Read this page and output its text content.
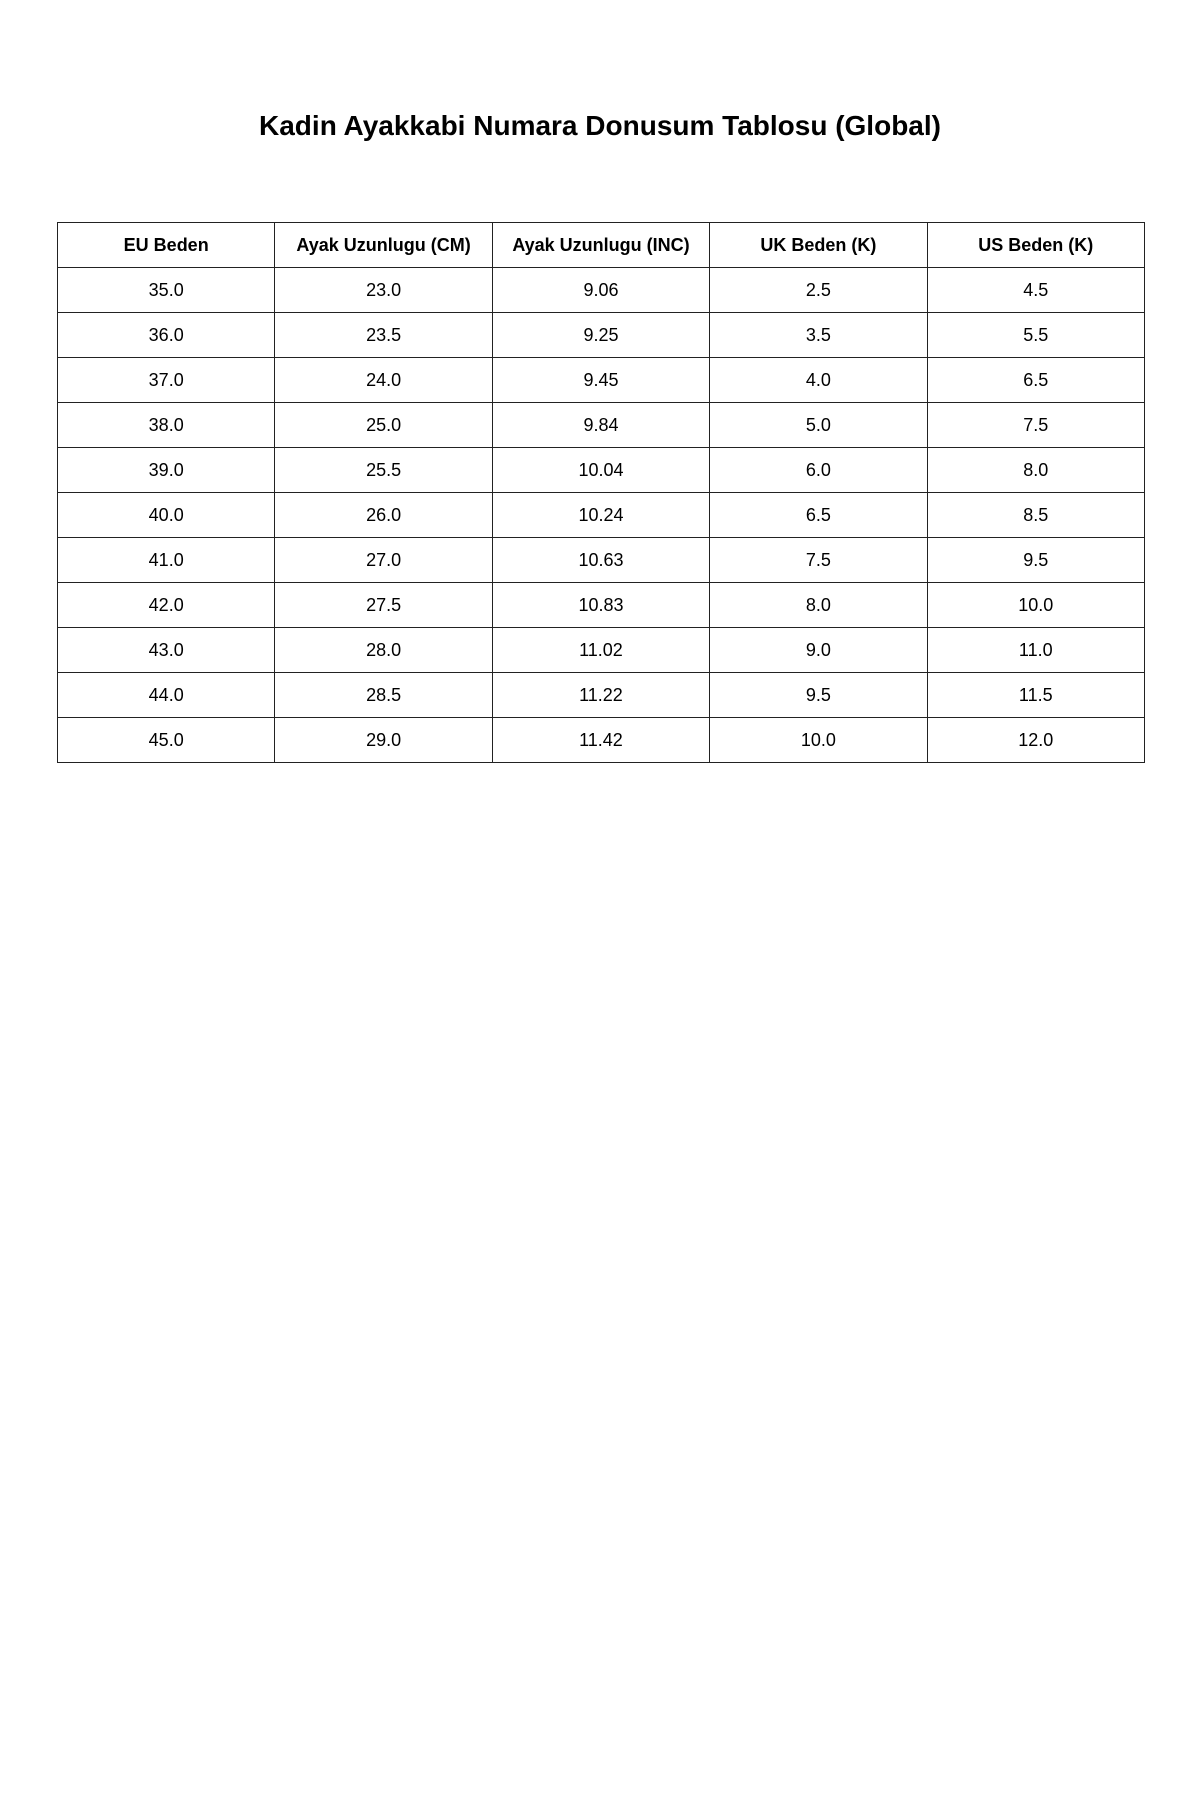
Kadin Ayakkabi Numara Donusum Tablosu (Global)
EU Beden	Ayak Uzunlugu (CM)	Ayak Uzunlugu (INC)	UK Beden (K)	US Beden (K)
35.0	23.0	9.06	2.5	4.5
36.0	23.5	9.25	3.5	5.5
37.0	24.0	9.45	4.0	6.5
38.0	25.0	9.84	5.0	7.5
39.0	25.5	10.04	6.0	8.0
40.0	26.0	10.24	6.5	8.5
41.0	27.0	10.63	7.5	9.5
42.0	27.5	10.83	8.0	10.0
43.0	28.0	11.02	9.0	11.0
44.0	28.5	11.22	9.5	11.5
45.0	29.0	11.42	10.0	12.0
